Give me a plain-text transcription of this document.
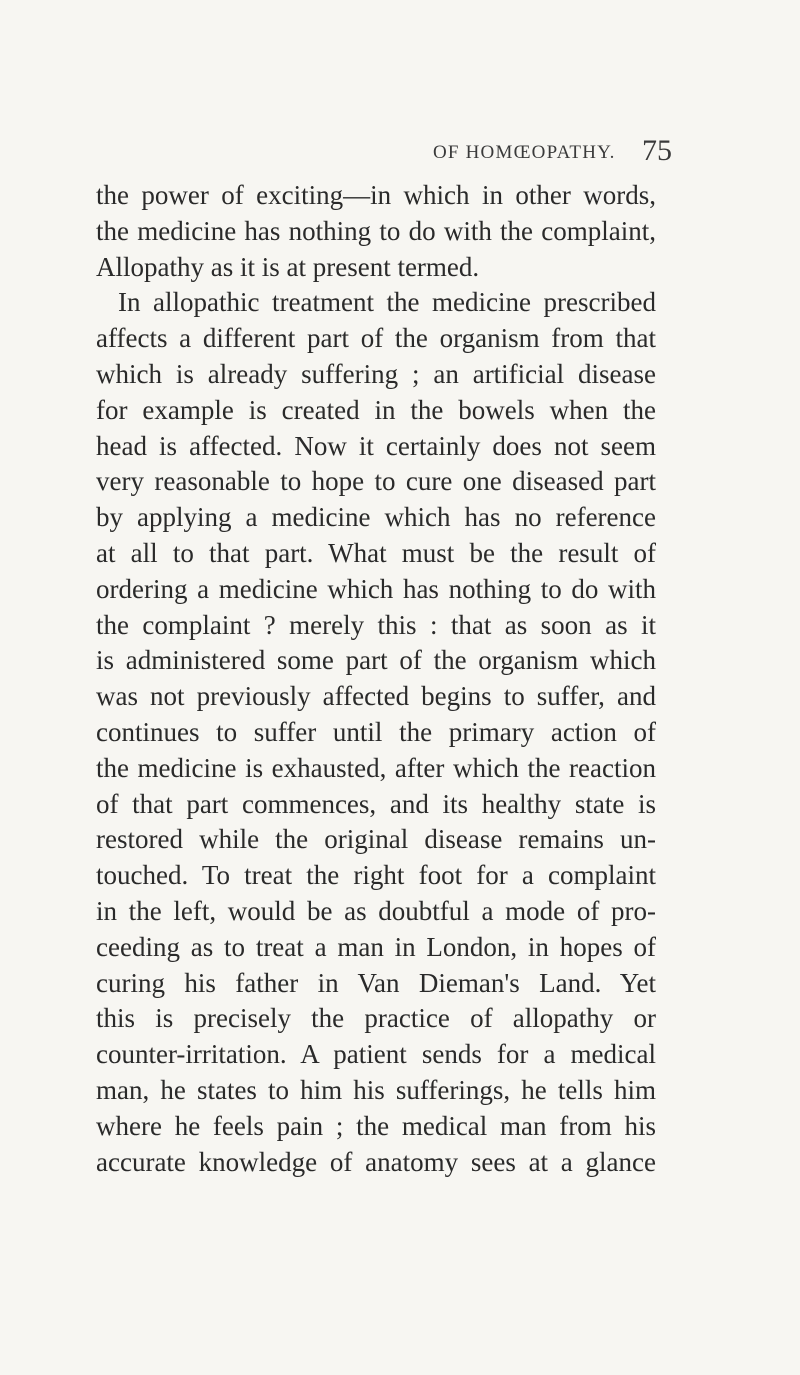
OF HOMŒOPATHY. 75
the power of exciting—in which in other words,
the medicine has nothing to do with the complaint,
Allopathy as it is at present termed.
In allopathic treatment the medicine prescribed
affects a different part of the organism from that
which is already suffering ; an artificial disease
for example is created in the bowels when the
head is affected. Now it certainly does not seem
very reasonable to hope to cure one diseased part
by applying a medicine which has no reference
at all to that part. What must be the result of
ordering a medicine which has nothing to do with
the complaint ? merely this : that as soon as it
is administered some part of the organism which
was not previously affected begins to suffer, and
continues to suffer until the primary action of
the medicine is exhausted, after which the reaction
of that part commences, and its healthy state is
restored while the original disease remains un-
touched. To treat the right foot for a complaint
in the left, would be as doubtful a mode of pro-
ceeding as to treat a man in London, in hopes of
curing his father in Van Dieman's Land. Yet
this is precisely the practice of allopathy or
counter-irritation. A patient sends for a medical
man, he states to him his sufferings, he tells him
where he feels pain ; the medical man from his
accurate knowledge of anatomy sees at a glance
